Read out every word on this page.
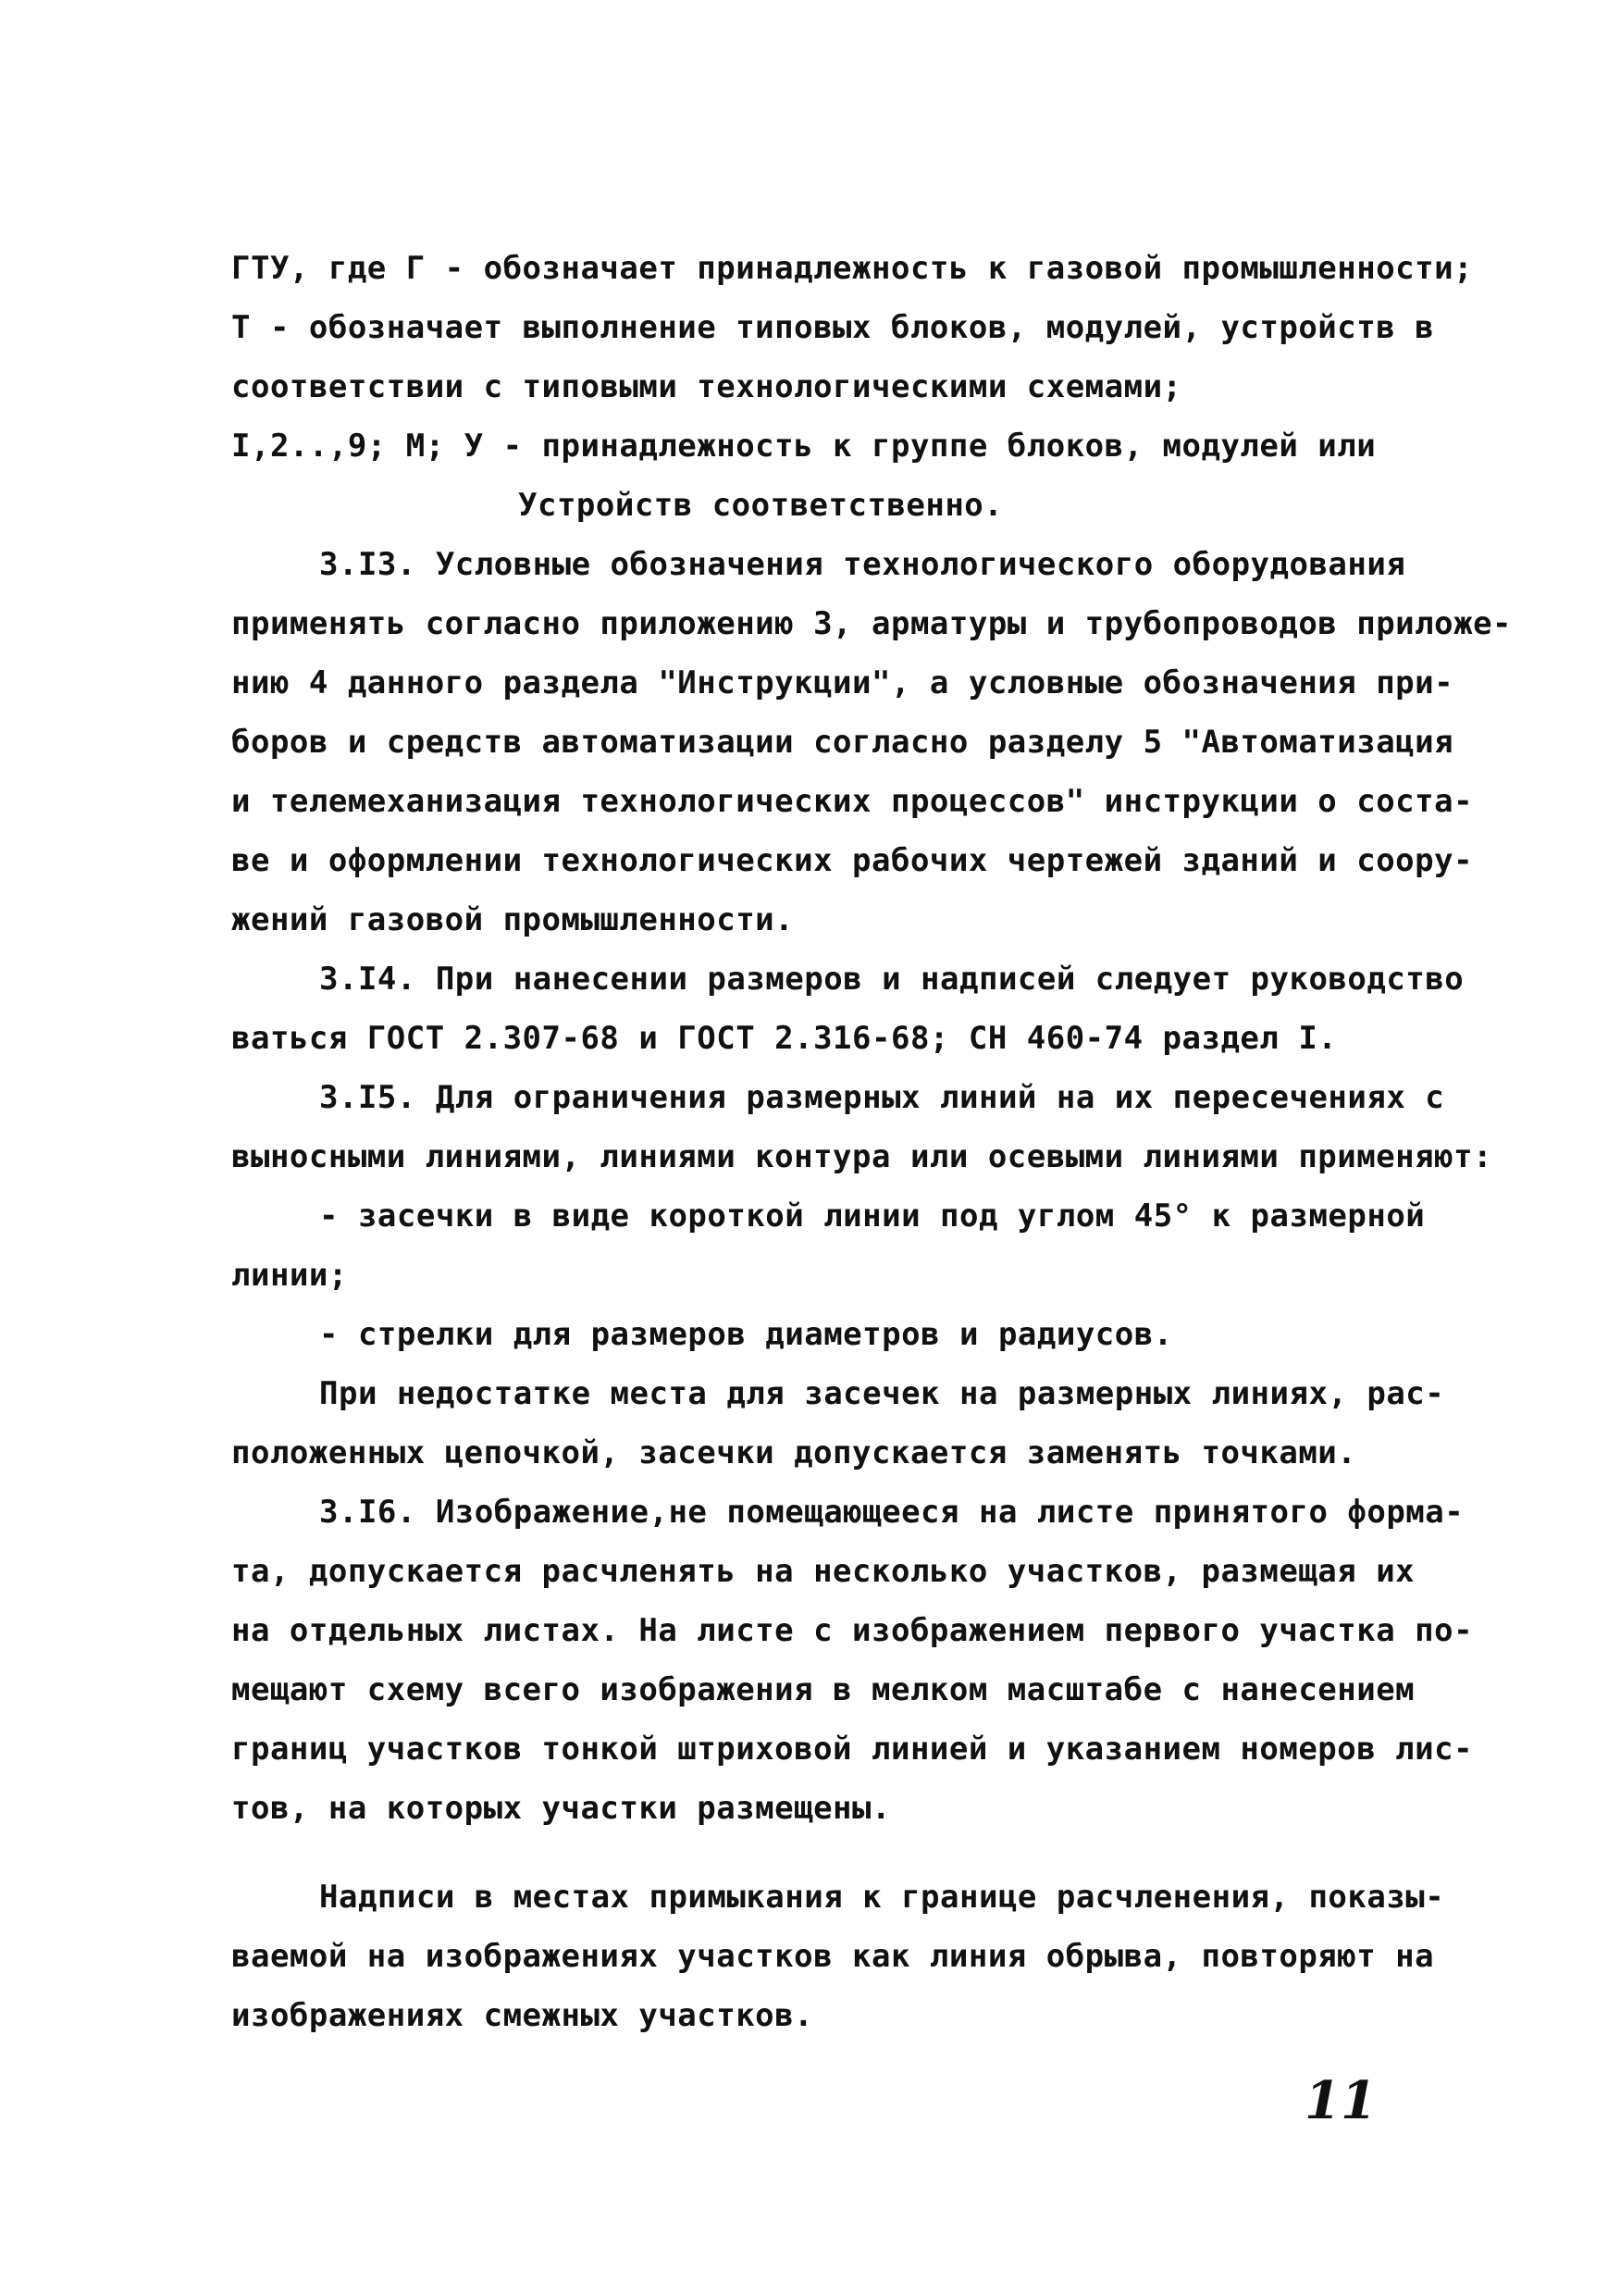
ГТУ, где Г - обозначает принадлежность к газовой промышленности;
Т - обозначает выполнение типовых блоков, модулей, устройств в
соответствии с типовыми технологическими схемами;
I,2..,9; М; У - принадлежность к группе блоков, модулей или
Устройств соответственно.
3.I3. Условные обозначения технологического оборудования
применять согласно приложению 3, арматуры и трубопроводов приложе-
нию 4 данного раздела "Инструкции", а условные обозначения при-
боров и средств автоматизации согласно разделу 5 "Автоматизация
и телемеханизация технологических процессов" инструкции о соста-
ве и оформлении технологических рабочих чертежей зданий и соору-
жений газовой промышленности.
3.I4. При нанесении размеров и надписей следует руководство
ваться ГОСТ 2.307-68 и ГОСТ 2.316-68; СН 460-74 раздел I.
3.I5. Для ограничения размерных линий на их пересечениях с
выносными линиями, линиями контура или осевыми линиями применяют:
- засечки в виде короткой линии под углом 45° к размерной
линии;
- стрелки для размеров диаметров и радиусов.
При недостатке места для засечек на размерных линиях, рас-
положенных цепочкой, засечки допускается заменять точками.
3.I6. Изображение,не помещающееся на листе принятого форма-
та, допускается расчленять на несколько участков, размещая их
на отдельных листах. На листе с изображением первого участка по-
мещают схему всего изображения в мелком масштабе с нанесением
границ участков тонкой штриховой линией и указанием номеров лис-
тов, на которых участки размещены.
Надписи в местах примыкания к границе расчленения, показы-
ваемой на изображениях участков как линия обрыва, повторяют на
изображениях смежных участков.
11
